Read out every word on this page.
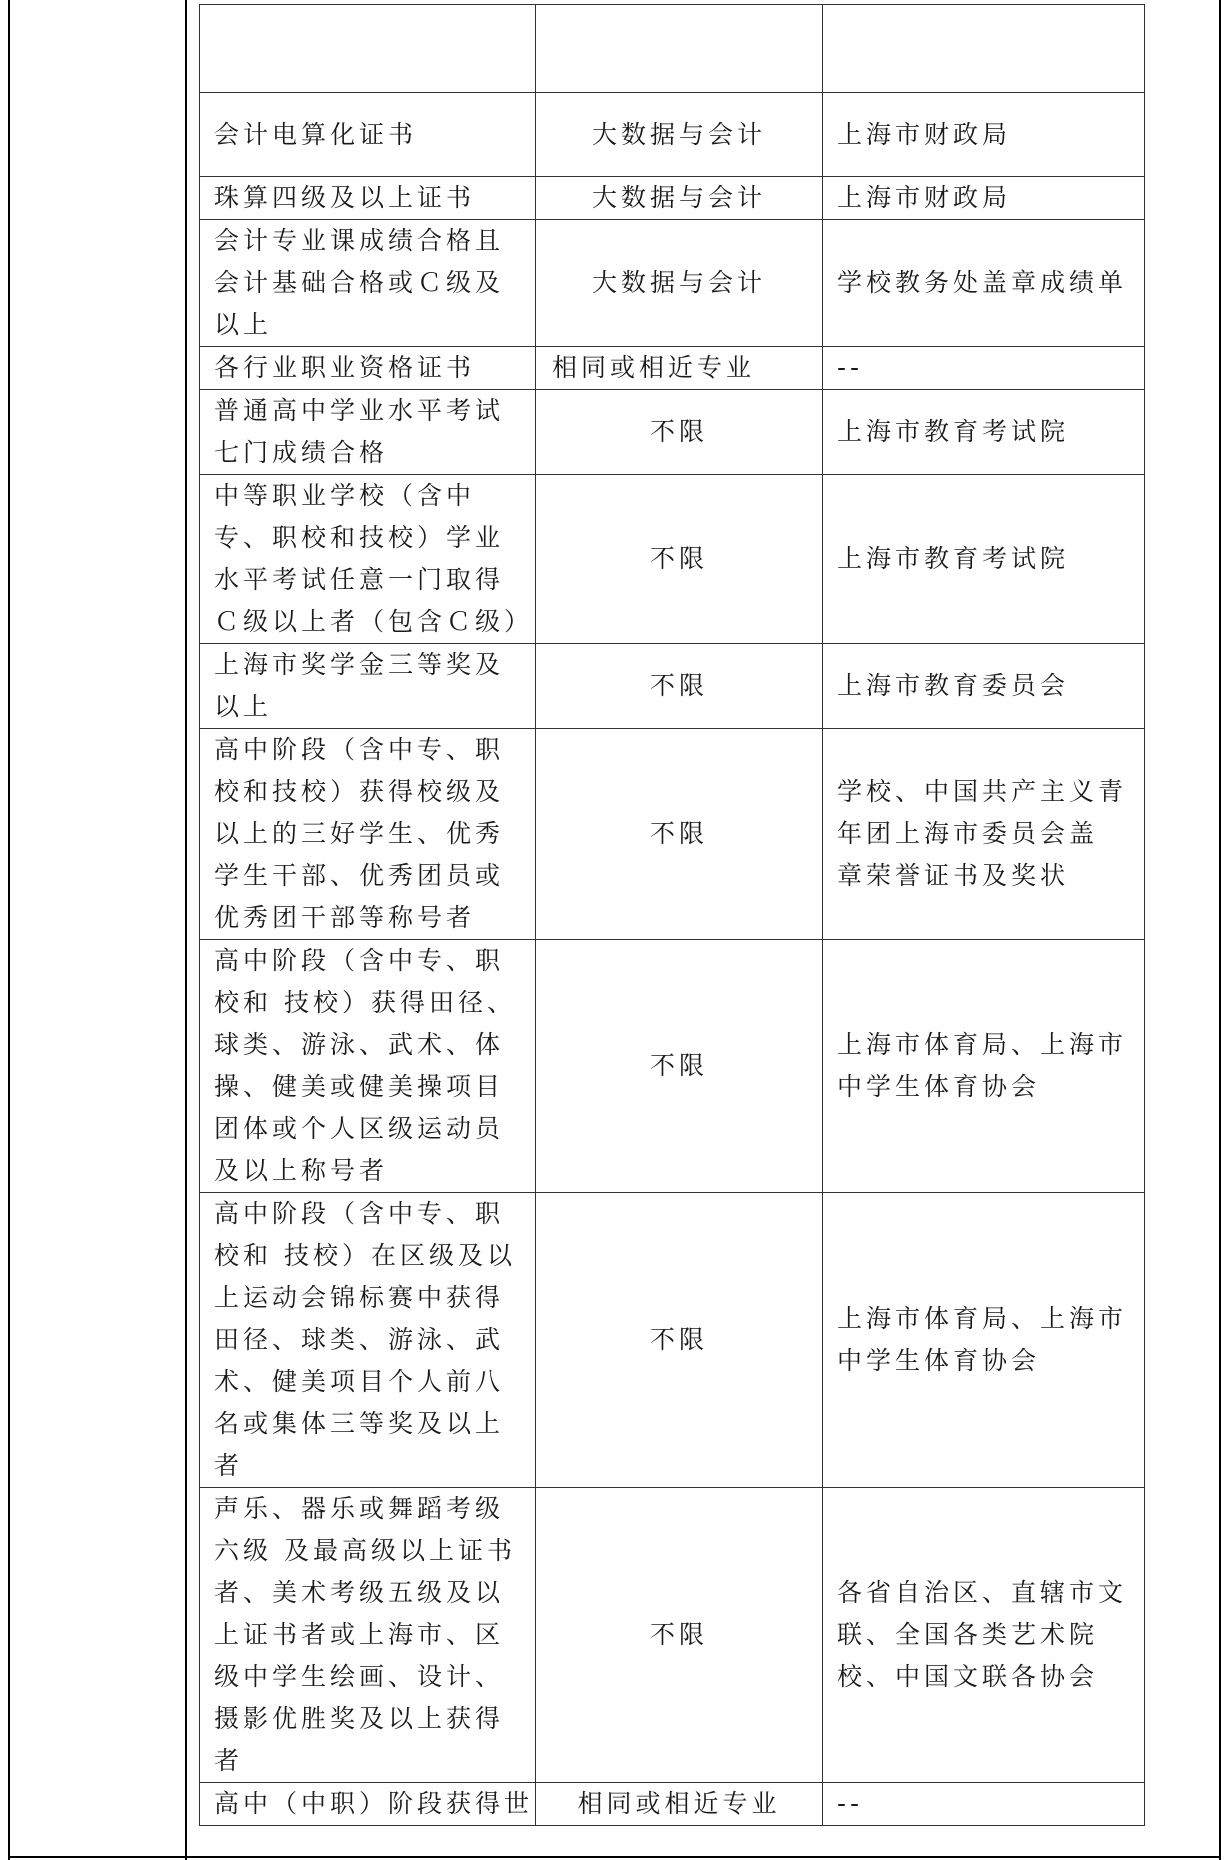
会计电算化证书	大数据与会计	上海市财政局
珠算四级及以上证书	大数据与会计	上海市财政局
会计专业课成绩合格且会计基础合格或Ｃ级及以上	大数据与会计	学校教务处盖章成绩单
各行业职业资格证书	相同或相近专业	--
普通高中学业水平考试七门成绩合格	不限	上海市教育考试院
中等职业学校（含中专、职校和技校）学业水平考试任意一门取得Ｃ级以上者（包含Ｃ级）	不限	上海市教育考试院
上海市奖学金三等奖及以上	不限	上海市教育委员会
高中阶段（含中专、职校和技校）获得校级及以上的三好学生、优秀学生干部、优秀团员或优秀团干部等称号者	不限	学校、中国共产主义青年团上海市委员会盖 章荣誉证书及奖状
高中阶段（含中专、职校和 技校）获得田径、球类、游泳、武术、体操、健美或健美操项目团体或个人区级运动员及以上称号者	不限	上海市体育局、上海市中学生体育协会
高中阶段（含中专、职校和 技校）在区级及以上运动会锦标赛中获得田径、球类、游泳、武术、健美项目个人前八名或集体三等奖及以上者	不限	上海市体育局、上海市中学生体育协会
声乐、器乐或舞蹈考级六级 及最高级以上证书者、美术考级五级及以上证书者或上海市、区级中学生绘画、设计、摄影优胜奖及以上获得者	不限	各省自治区、直辖市文联、全国各类艺术院校、中国文联各协会
高中（中职）阶段获得世	相同或相近专业	--
